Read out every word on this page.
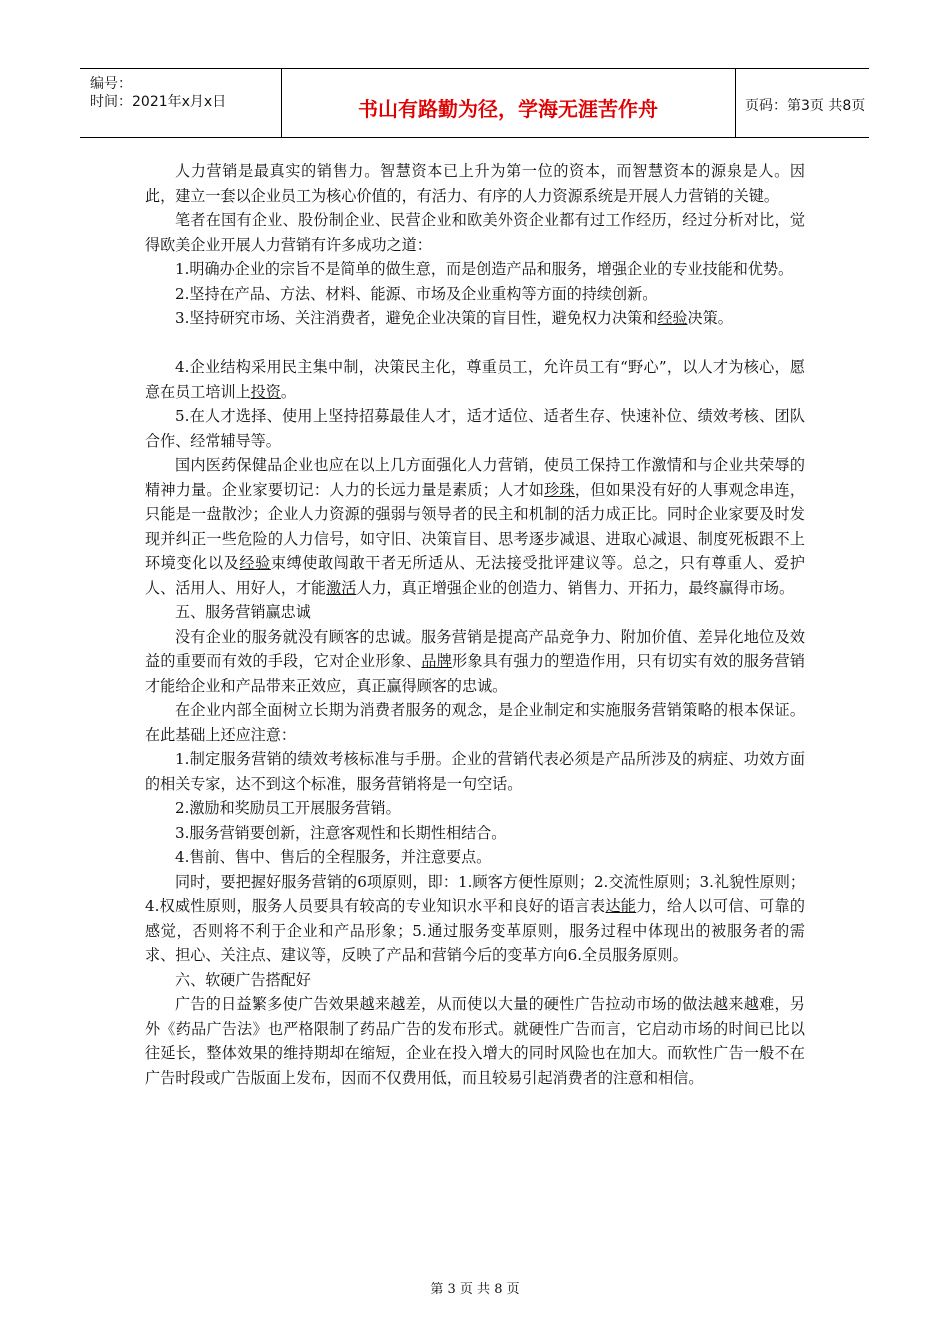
编号：
时间：2021年x月x日	书山有路勤为径，学海无涯苦作舟	页码：第3页 共8页

人力营销是最真实的销售力。智慧资本已上升为第一位的资本，而智慧资本的源泉是人。因此，建立一套以企业员工为核心价值的，有活力、有序的人力资源系统是开展人力营销的关键。

笔者在国有企业、股份制企业、民营企业和欧美外资企业都有过工作经历，经过分析对比，觉得欧美企业开展人力营销有许多成功之道：

1.明确办企业的宗旨不是简单的做生意，而是创造产品和服务，增强企业的专业技能和优势。

2.坚持在产品、方法、材料、能源、市场及企业重构等方面的持续创新。

3.坚持研究市场、关注消费者，避免企业决策的盲目性，避免权力决策和经验决策。

4.企业结构采用民主集中制，决策民主化，尊重员工，允许员工有“野心”，以人才为核心，愿意在员工培训上投资。

5.在人才选择、使用上坚持招募最佳人才，适才适位、适者生存、快速补位、绩效考核、团队合作、经常辅导等。

国内医药保健品企业也应在以上几方面强化人力营销，使员工保持工作激情和与企业共荣辱的精神力量。企业家要切记：人力的长远力量是素质；人才如珍珠，但如果没有好的人事观念串连，只能是一盘散沙；企业人力资源的强弱与领导者的民主和机制的活力成正比。同时企业家要及时发现并纠正一些危险的人力信号，如守旧、决策盲目、思考逐步减退、进取心减退、制度死板跟不上环境变化以及经验束缚使敢闯敢干者无所适从、无法接受批评建议等。总之，只有尊重人、爱护人、活用人、用好人，才能激活人力，真正增强企业的创造力、销售力、开拓力，最终赢得市场。

五、服务营销赢忠诚

没有企业的服务就没有顾客的忠诚。服务营销是提高产品竞争力、附加价值、差异化地位及效益的重要而有效的手段，它对企业形象、品牌形象具有强力的塑造作用，只有切实有效的服务营销才能给企业和产品带来正效应，真正赢得顾客的忠诚。

在企业内部全面树立长期为消费者服务的观念，是企业制定和实施服务营销策略的根本保证。在此基础上还应注意：

1.制定服务营销的绩效考核标准与手册。企业的营销代表必须是产品所涉及的病症、功效方面的相关专家，达不到这个标准，服务营销将是一句空话。

2.激励和奖励员工开展服务营销。

3.服务营销要创新，注意客观性和长期性相结合。

4.售前、售中、售后的全程服务，并注意要点。

同时，要把握好服务营销的6项原则，即：1.顾客方便性原则；2.交流性原则；3.礼貌性原则；4.权威性原则，服务人员要具有较高的专业知识水平和良好的语言表达能力，给人以可信、可靠的感觉，否则将不利于企业和产品形象；5.通过服务变革原则，服务过程中体现出的被服务者的需求、担心、关注点、建议等，反映了产品和营销今后的变革方向6.全员服务原则。

六、软硬广告搭配好

广告的日益繁多使广告效果越来越差，从而使以大量的硬性广告拉动市场的做法越来越难，另外《药品广告法》也严格限制了药品广告的发布形式。就硬性广告而言，它启动市场的时间已比以往延长，整体效果的维持期却在缩短，企业在投入增大的同时风险也在加大。而软性广告一般不在广告时段或广告版面上发布，因而不仅费用低，而且较易引起消费者的注意和相信。

第 3 页 共 8 页
